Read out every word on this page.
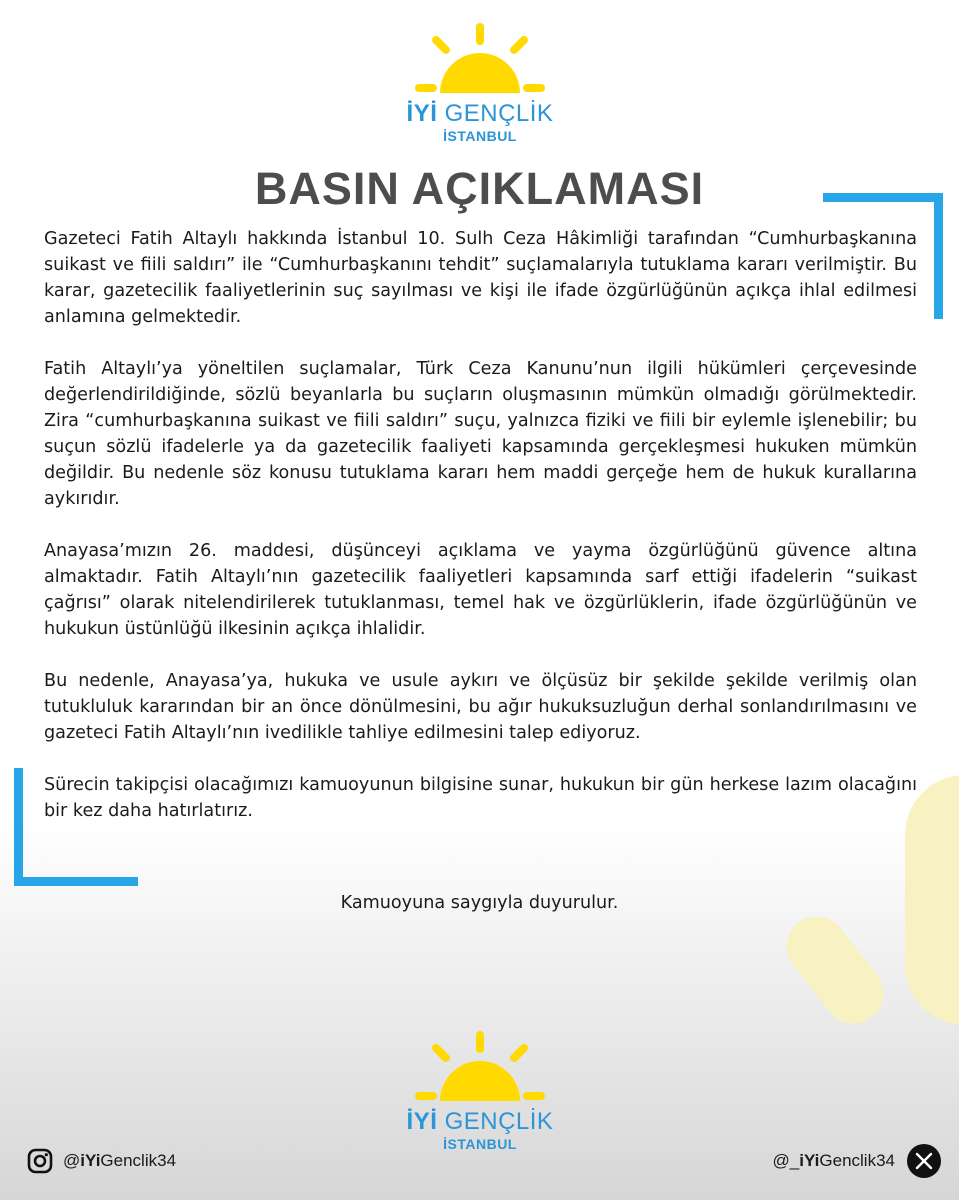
İYİ GENÇLİK
İSTANBUL
BASIN AÇIKLAMASI

Gazeteci Fatih Altaylı hakkında İstanbul 10. Sulh Ceza Hâkimliği tarafından “Cumhurbaşkanına suikast ve fiili saldırı” ile “Cumhurbaşkanını tehdit” suçlamalarıyla tutuklama kararı verilmiştir. Bu karar, gazetecilik faaliyetlerinin suç sayılması ve kişi ile ifade özgürlüğünün açıkça ihlal edilmesi anlamına gelmektedir.

Fatih Altaylı’ya yöneltilen suçlamalar, Türk Ceza Kanunu’nun ilgili hükümleri çerçevesinde değerlendirildiğinde, sözlü beyanlarla bu suçların oluşmasının mümkün olmadığı görülmektedir. Zira “cumhurbaşkanına suikast ve fiili saldırı” suçu, yalnızca fiziki ve fiili bir eylemle işlenebilir; bu suçun sözlü ifadelerle ya da gazetecilik faaliyeti kapsamında gerçekleşmesi hukuken mümkün değildir. Bu nedenle söz konusu tutuklama kararı hem maddi gerçeğe hem de hukuk kurallarına aykırıdır.

Anayasa’mızın 26. maddesi, düşünceyi açıklama ve yayma özgürlüğünü güvence altına almaktadır. Fatih Altaylı’nın gazetecilik faaliyetleri kapsamında sarf ettiği ifadelerin “suikast çağrısı” olarak nitelendirilerek tutuklanması, temel hak ve özgürlüklerin, ifade özgürlüğünün ve hukukun üstünlüğü ilkesinin açıkça ihlalidir.

Bu nedenle, Anayasa’ya, hukuka ve usule aykırı ve ölçüsüz bir şekilde şekilde verilmiş olan tutukluluk kararından bir an önce dönülmesini, bu ağır hukuksuzluğun derhal sonlandırılmasını ve gazeteci Fatih Altaylı’nın ivedilikle tahliye edilmesini talep ediyoruz.

Sürecin takipçisi olacağımızı kamuoyunun bilgisine sunar, hukukun bir gün herkese lazım olacağını bir kez daha hatırlatırız.

Kamuoyuna saygıyla duyurulur.
İYİ GENÇLİK
İSTANBUL
@iYiGenclik34	@_iYiGenclik34
